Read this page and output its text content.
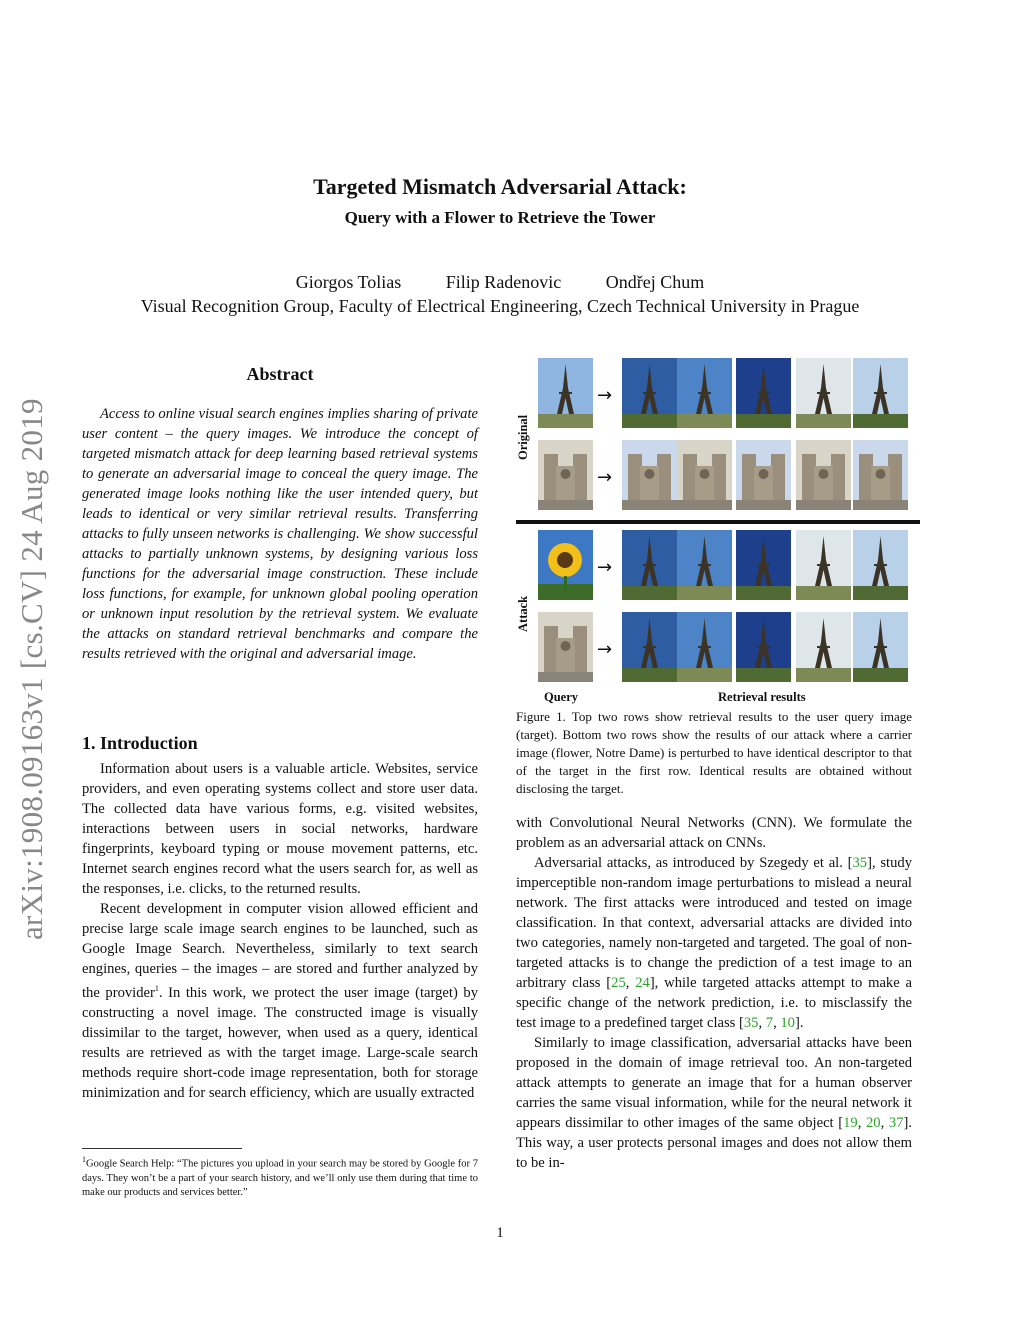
Targeted Mismatch Adversarial Attack:
Query with a Flower to Retrieve the Tower
Giorgos Tolias Filip Radenovic Ondřej Chum
Visual Recognition Group, Faculty of Electrical Engineering, Czech Technical University in Prague
arXiv:1908.09163v1 [cs.CV] 24 Aug 2019
Abstract

Access to online visual search engines implies sharing of private user content – the query images. We introduce the concept of targeted mismatch attack for deep learning based retrieval systems to generate an adversarial image to conceal the query image. The generated image looks nothing like the user intended query, but leads to identical or very similar retrieval results. Transferring attacks to fully unseen networks is challenging. We show successful attacks to partially unknown systems, by designing various loss functions for the adversarial image construction. These include loss functions, for example, for unknown global pooling operation or unknown input resolution by the retrieval system. We evaluate the attacks on standard retrieval benchmarks and compare the results retrieved with the original and adversarial image.

1. Introduction

Information about users is a valuable article. Websites, service providers, and even operating systems collect and store user data. The collected data have various forms, e.g. visited websites, interactions between users in social networks, hardware fingerprints, keyboard typing or mouse movement patterns, etc. Internet search engines record what the users search for, as well as the responses, i.e. clicks, to the returned results.

Recent development in computer vision allowed efficient and precise large scale image search engines to be launched, such as Google Image Search. Nevertheless, similarly to text search engines, queries – the images – are stored and further analyzed by the provider$^1$. In this work, we protect the user image (target) by constructing a novel image. The constructed image is visually dissimilar to the target, however, when used as a query, identical results are retrieved as with the target image. Large-scale search methods require short-code image representation, both for storage minimization and for search efficiency, which are usually extracted

$^1$Google Search Help: “The pictures you upload in your search may be stored by Google for 7 days. They won’t be a part of your search history, and we’ll only use them during that time to make our products and services better.”
Original
Attack
→
→
→
→
Query	Retrieval results
Figure 1. Top two rows show retrieval results to the user query image (target). Bottom two rows show the results of our attack where a carrier image (flower, Notre Dame) is perturbed to have identical descriptor to that of the target in the first row. Identical results are obtained without disclosing the target.

with Convolutional Neural Networks (CNN). We formulate the problem as an adversarial attack on CNNs.

Adversarial attacks, as introduced by Szegedy et al. [35], study imperceptible non-random image perturbations to mislead a neural network. The first attacks were introduced and tested on image classification. In that context, adversarial attacks are divided into two categories, namely non-targeted and targeted. The goal of non-targeted attacks is to change the prediction of a test image to an arbitrary class [25, 24], while targeted attacks attempt to make a specific change of the network prediction, i.e. to misclassify the test image to a predefined target class [35, 7, 10].

Similarly to image classification, adversarial attacks have been proposed in the domain of image retrieval too. An non-targeted attack attempts to generate an image that for a human observer carries the same visual information, while for the neural network it appears dissimilar to other images of the same object [19, 20, 37]. This way, a user protects personal images and does not allow them to be in-

1
